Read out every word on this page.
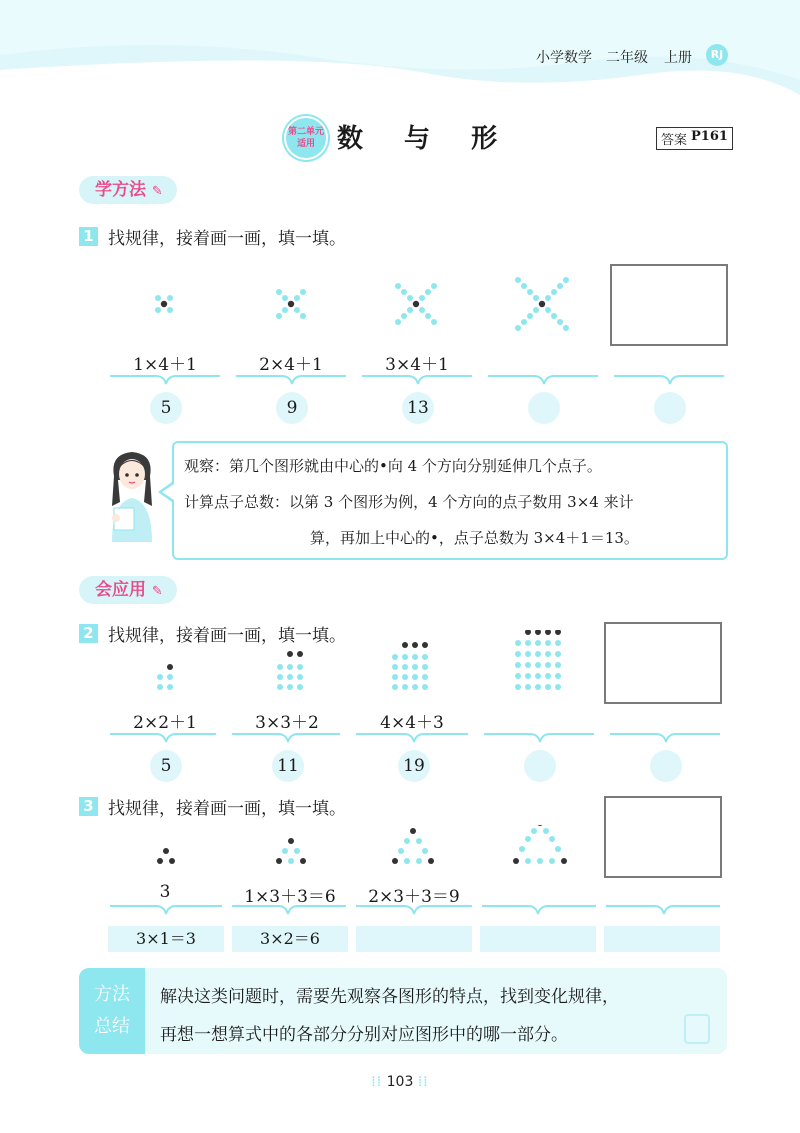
小学数学 二年级 上册	RJ
第二单元
适用 数 与 形	答案 P161
学方法 ✎
1 找规律，接着画一画，填一填。
1×4＋1	2×4＋1	3×4＋1
5	9	13
观察：第几个图形就由中心的•向 4 个方向分别延伸几个点子。
计算点子总数：以第 3 个图形为例，4 个方向的点子数用 3×4 来计
算，再加上中心的•，点子总数为 3×4＋1＝13。
会应用 ✎
2 找规律，接着画一画，填一填。
2×2＋1	3×3＋2	4×4＋3
5	11	19
3 找规律，接着画一画，填一填。
3	1×3＋3＝6	2×3＋3＝9
3×1＝3	3×2＝6
方法
总结
解决这类问题时，需要先观察各图形的特点，找到变化规律，
再想一想算式中的各部分分别对应图形中的哪一部分。
⁞⁞ 103 ⁞⁞
